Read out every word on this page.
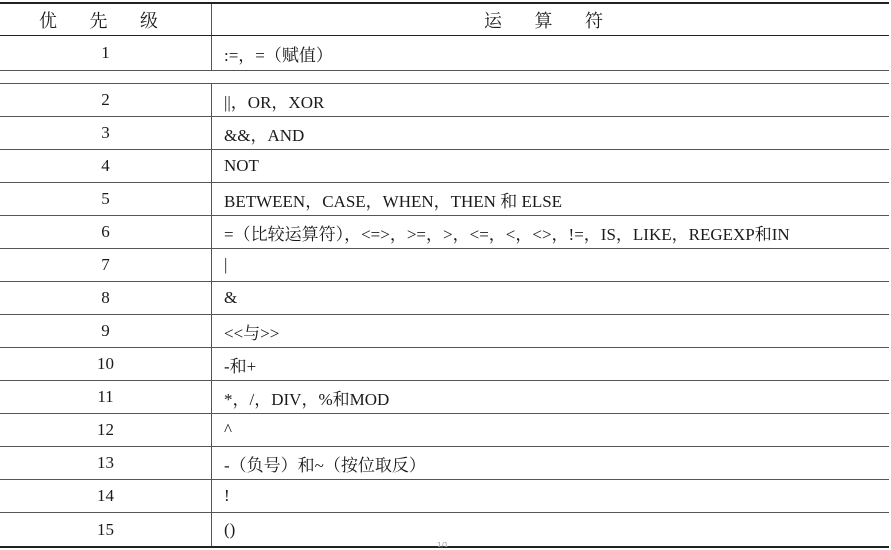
优 先 级	运 算 符
1	:=，=（赋值）
2	||，OR，XOR
3	&&，AND
4	NOT
5	BETWEEN，CASE，WHEN，THEN 和 ELSE
6	=（比较运算符），<=>，>=，>，<=，<，<>，!=，IS，LIKE，REGEXP和IN
7	|
8	&
9	<<与>>
10	-和+
11	*，/，DIV，%和MOD
12	^
13	-（负号）和~（按位取反）
14	!
15	()
1/1
